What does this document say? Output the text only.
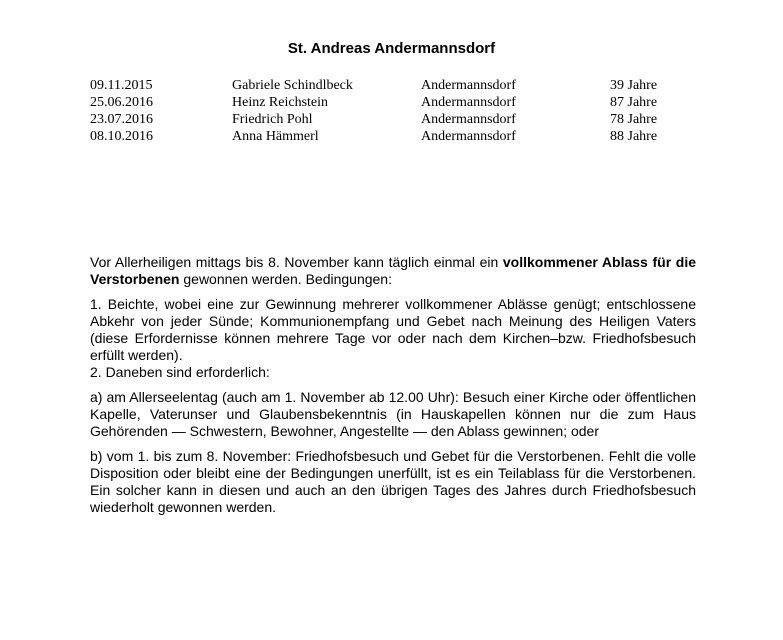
St. Andreas Andermannsdorf
09.11.2015	Gabriele Schindlbeck	Andermannsdorf	39 Jahre
25.06.2016	Heinz Reichstein	Andermannsdorf	87 Jahre
23.07.2016	Friedrich Pohl	Andermannsdorf	78 Jahre
08.10.2016	Anna Hämmerl	Andermannsdorf	88 Jahre

Vor Allerheiligen mittags bis 8. November kann täglich einmal ein vollkommener Ablass für die Verstorbenen gewonnen werden. Bedingungen:

1. Beichte, wobei eine zur Gewinnung mehrerer vollkommener Ablässe genügt; entschlossene Abkehr von jeder Sünde; Kommunionempfang und Gebet nach Meinung des Heiligen Vaters (diese Erfordernisse können mehrere Tage vor oder nach dem Kirchen–bzw. Friedhofsbesuch erfüllt werden).

2. Daneben sind erforderlich:

a) am Allerseelentag (auch am 1. November ab 12.00 Uhr): Besuch einer Kirche oder öffentlichen Kapelle, Vaterunser und Glaubensbekenntnis (in Hauskapellen können nur die zum Haus Gehörenden — Schwestern, Bewohner, Angestellte — den Ablass gewinnen; oder

b) vom 1. bis zum 8. November: Friedhofsbesuch und Gebet für die Verstorbenen. Fehlt die volle Disposition oder bleibt eine der Bedingungen unerfüllt, ist es ein Teilablass für die Verstorbenen. Ein solcher kann in diesen und auch an den übrigen Tages des Jahres durch Friedhofsbesuch wiederholt gewonnen werden.
